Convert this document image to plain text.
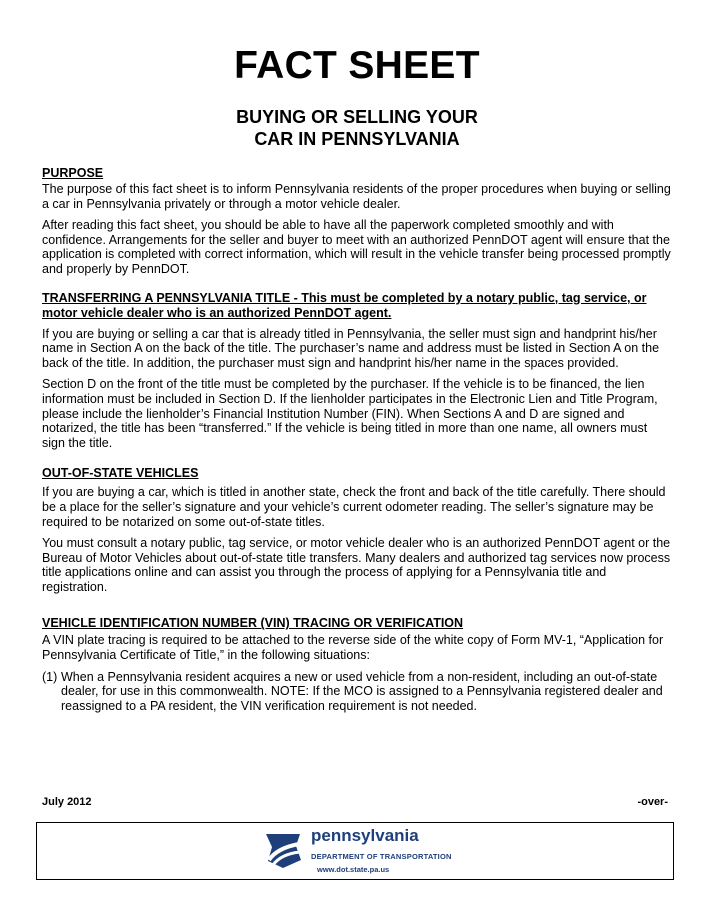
FACT SHEET
BUYING OR SELLING YOUR
CAR IN PENNSYLVANIA
PURPOSE

The purpose of this fact sheet is to inform Pennsylvania residents of the proper procedures when buying or selling a car in Pennsylvania privately or through a motor vehicle dealer.

After reading this fact sheet, you should be able to have all the paperwork completed smoothly and with confidence. Arrangements for the seller and buyer to meet with an authorized PennDOT agent will ensure that the application is completed with correct information, which will result in the vehicle transfer being processed promptly and properly by PennDOT.

TRANSFERRING A PENNSYLVANIA TITLE - This must be completed by a notary public, tag service, or motor vehicle dealer who is an authorized PennDOT agent.

If you are buying or selling a car that is already titled in Pennsylvania, the seller must sign and handprint his/her name in Section A on the back of the title. The purchaser’s name and address must be listed in Section A on the back of the title. In addition, the purchaser must sign and handprint his/her name in the spaces provided.

Section D on the front of the title must be completed by the purchaser. If the vehicle is to be financed, the lien information must be included in Section D. If the lienholder participates in the Electronic Lien and Title Program, please include the lienholder’s Financial Institution Number (FIN). When Sections A and D are signed and notarized, the title has been “transferred.” If the vehicle is being titled in more than one name, all owners must sign the title.

OUT-OF-STATE VEHICLES

If you are buying a car, which is titled in another state, check the front and back of the title carefully. There should be a place for the seller’s signature and your vehicle’s current odometer reading. The seller’s signature may be required to be notarized on some out-of-state titles.

You must consult a notary public, tag service, or motor vehicle dealer who is an authorized PennDOT agent or the Bureau of Motor Vehicles about out-of-state title transfers. Many dealers and authorized tag services now process title applications online and can assist you through the process of applying for a Pennsylvania title and registration.

VEHICLE IDENTIFICATION NUMBER (VIN) TRACING OR VERIFICATION

A VIN plate tracing is required to be attached to the reverse side of the white copy of Form MV-1, “Application for Pennsylvania Certificate of Title,” in the following situations:

(1) When a Pennsylvania resident acquires a new or used vehicle from a non-resident, including an out-of-state dealer, for use in this commonwealth. NOTE: If the MCO is assigned to a Pennsylvania registered dealer and reassigned to a PA resident, the VIN verification requirement is not needed.
July 2012	-over-
pennsylvania
DEPARTMENT OF TRANSPORTATION
www.dot.state.pa.us
